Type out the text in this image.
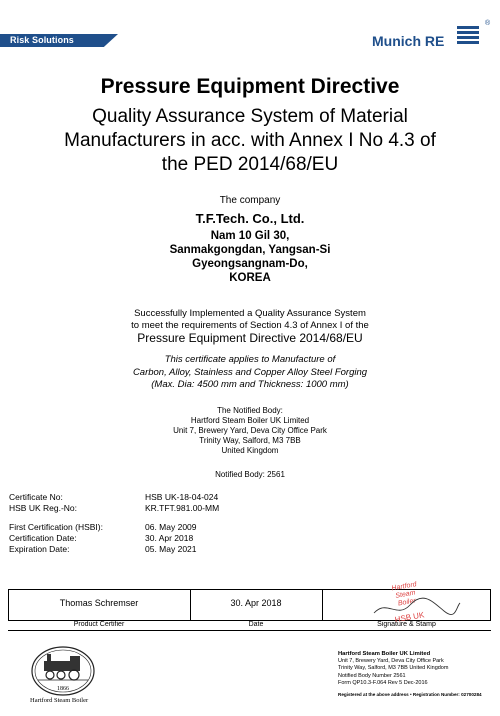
Risk Solutions	Munich RE
®
Pressure Equipment Directive
Quality Assurance System of Material
Manufacturers in acc. with Annex I No 4.3 of
the PED 2014/68/EU
The company
T.F.Tech. Co., Ltd.
Nam 10 Gil 30,
Sanmakgongdan, Yangsan-Si
Gyeongsangnam-Do,
KOREA
Successfully Implemented a Quality Assurance System
to meet the requirements of Section 4.3 of Annex I of the
Pressure Equipment Directive 2014/68/EU
This certificate applies to Manufacture of
Carbon, Alloy, Stainless and Copper Alloy Steel Forging
(Max. Dia: 4500 mm and Thickness: 1000 mm)
The Notified Body:
Hartford Steam Boiler UK Limited
Unit 7, Brewery Yard, Deva City Office Park
Trinity Way, Salford, M3 7BB
United Kingdom
Notified Body: 2561
Certificate No:	HSB UK-18-04-024
HSB UK Reg.-No:	KR.TFT.981.00-MM
First Certification (HSBI):	06. May 2009
Certification Date:	30. Apr 2018
Expiration Date:	05. May 2021
Thomas Schremser	30. Apr 2018
Hartford
Steam
Boiler
HSB UK
Product Certifier	Date	Signature & Stamp
1866
Hartford Steam Boiler
Hartford Steam Boiler UK Limited
Unit 7, Brewery Yard, Deva City Office Park
Trinity Way, Salford, M3 7BB United Kingdom
Notified Body Number 2561
Form QP10.3-F.064 Rev 5 Dec-2016
Registered at the above address • Registration Number: 02700284
